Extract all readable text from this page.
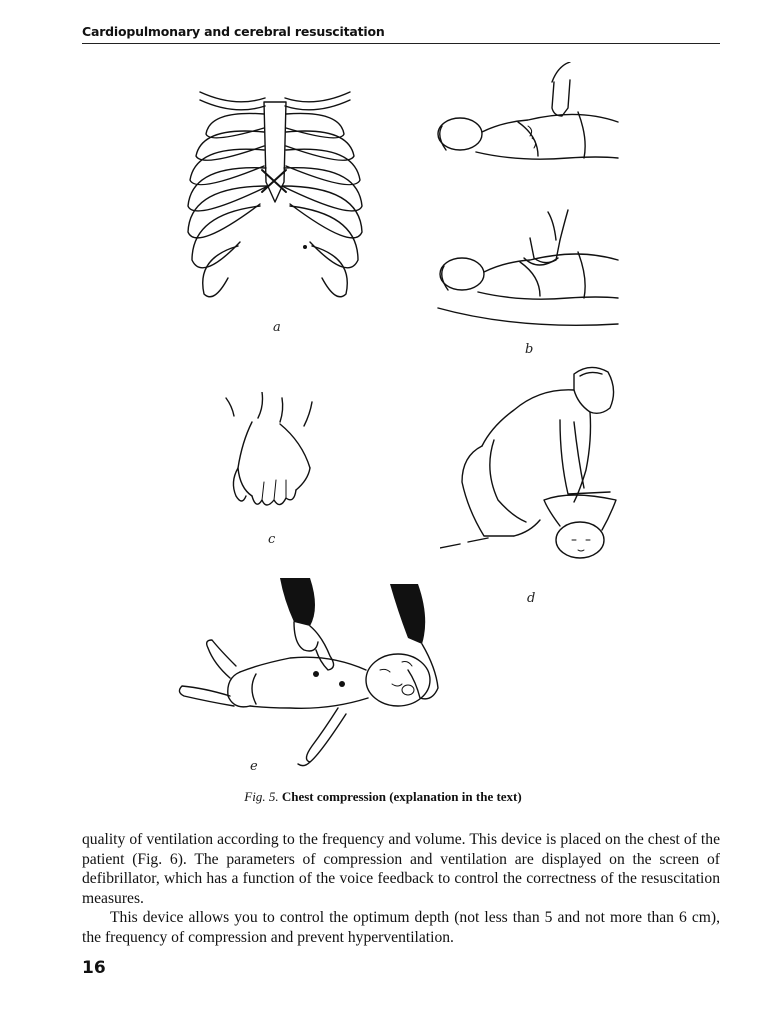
Cardiopulmonary and cerebral resuscitation
a
b
c
d
e
Fig. 5. Chest compression (explanation in the text)

quality of ventilation according to the frequency and volume. This device is placed on the chest of the patient (Fig. 6). The parameters of compression and ventilation are displayed on the screen of defibrillator, which has a function of the voice feedback to control the correctness of the resuscitation measures.

This device allows you to control the optimum depth (not less than 5 and not more than 6 cm), the frequency of compression and prevent hyperventilation.

16
